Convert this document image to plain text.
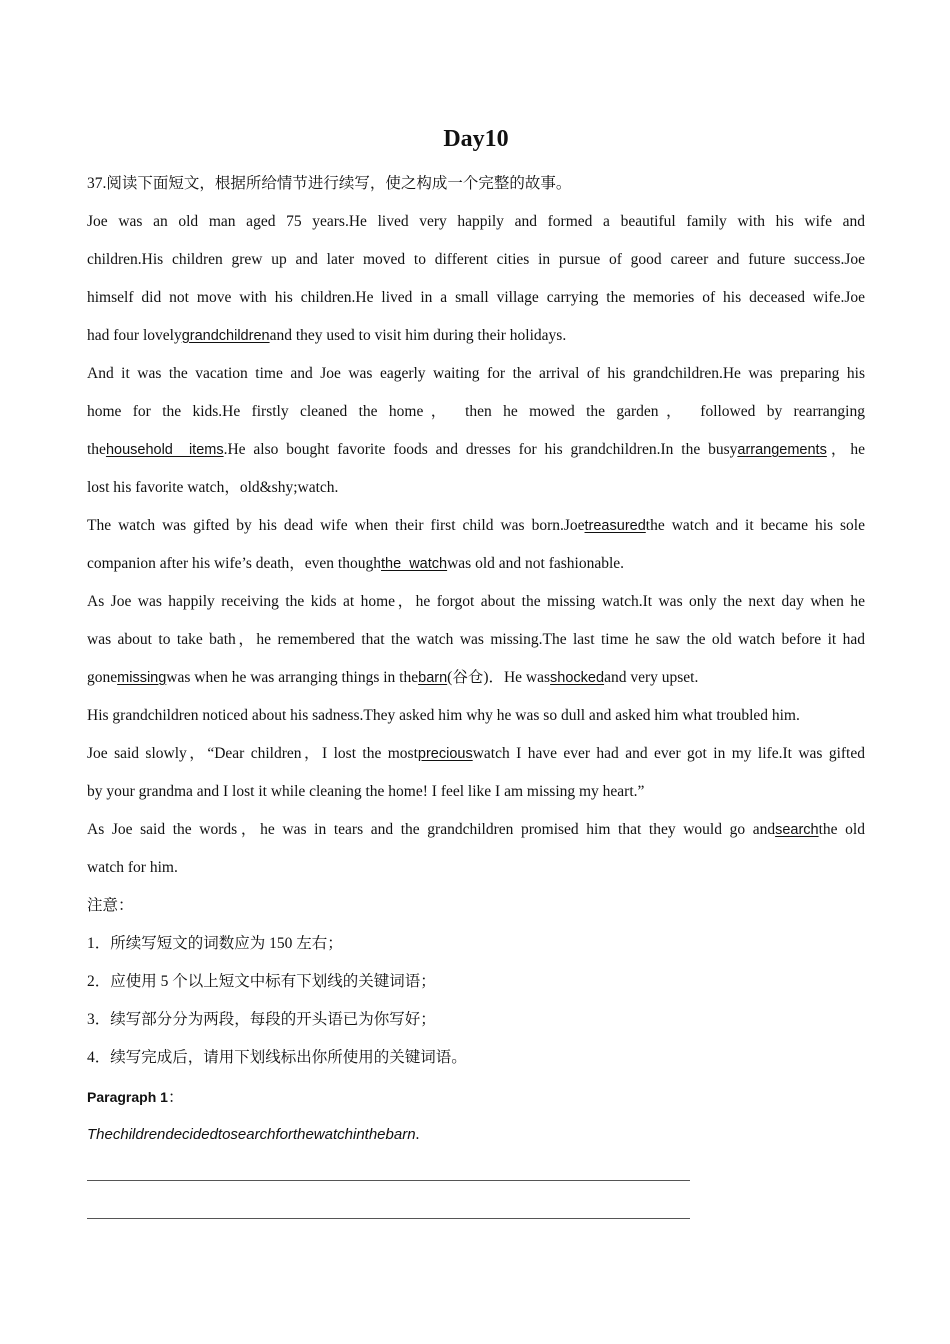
Day10
37.阅读下面短文，根据所给情节进行续写，使之构成一个完整的故事。
Joe was an old man aged 75 years.He lived very happily and formed a beautiful family with his wife and
children.His children grew up and later moved to different cities in pursue of good career and future success.Joe
himself did not move with his children.He lived in a small village carrying the memories of his deceased wife.Joe
had four lovelygrandchildrenand they used to visit him during their holidays.
And it was the vacation time and Joe was eagerly waiting for the arrival of his grandchildren.He was preparing his
home for the kids.He firstly cleaned the home， then he mowed the garden， followed by rearranging
thehousehold  items.He also bought favorite foods and dresses for his grandchildren.In the busyarrangements，he
lost his favorite watch，old&shy;watch.
The watch was gifted by his dead wife when their first child was born.Joetreasuredthe watch and it became his sole
companion after his wife’s death，even thoughthe  watchwas old and not fashionable.
As Joe was happily receiving the kids at home，he forgot about the missing watch.It was only the next day when he
was about to take bath，he remembered that the watch was missing.The last time he saw the old watch before it had
gonemissingwas when he was arranging things in thebarn(谷仓)．He wasshockedand very upset.
His grandchildren noticed about his sadness.They asked him why he was so dull and asked him what troubled him.
Joe said slowly，“Dear children，I lost the mostpreciouswatch I have ever had and ever got in my life.It was gifted
by your grandma and I lost it while cleaning the home! I feel like I am missing my heart.”
As Joe said the words，he was in tears and the grandchildren promised him that they would go andsearchthe old
watch for him.
注意：
1．所续写短文的词数应为 150 左右；
2．应使用 5 个以上短文中标有下划线的关键词语；
3．续写部分分为两段，每段的开头语已为你写好；
4．续写完成后，请用下划线标出你所使用的关键词语。
Paragraph 1：
Thechildrendecidedtosearchforthewatchinthebarn.
